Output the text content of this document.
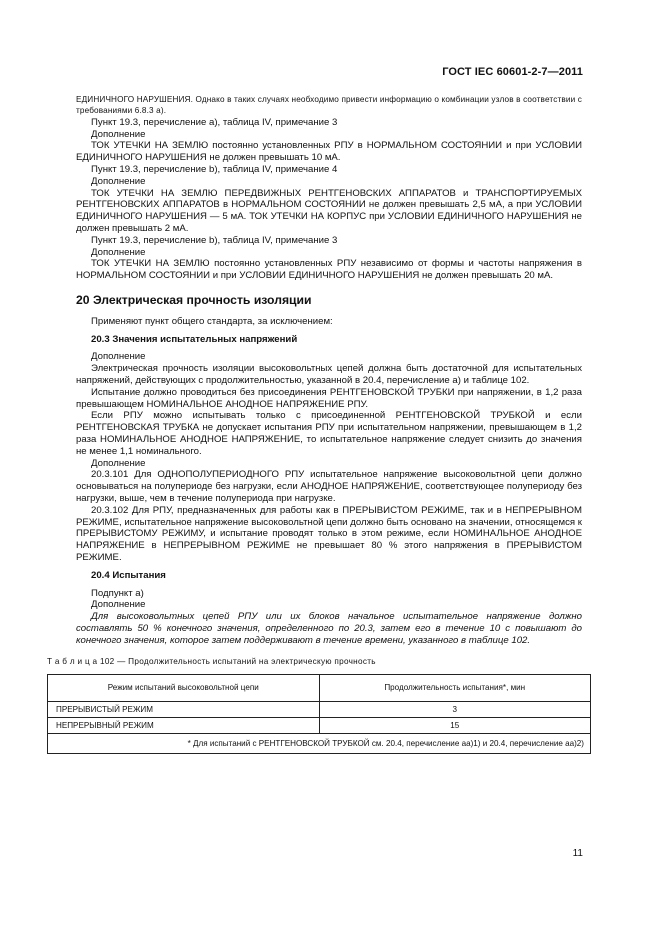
ГОСТ IEC 60601-2-7—2011

ЕДИНИЧНОГО НАРУШЕНИЯ. Однако в таких случаях необходимо привести информацию о комбинации узлов в соответствии с требованиями 6.8.3 а).

Пункт 19.3, перечисление а), таблица IV, примечание 3

Дополнение

ТОК УТЕЧКИ НА ЗЕМЛЮ постоянно установленных РПУ в НОРМАЛЬНОМ СОСТОЯНИИ и при УСЛОВИИ ЕДИНИЧНОГО НАРУШЕНИЯ не должен превышать 10 мА.

Пункт 19.3, перечисление b), таблица IV, примечание 4

Дополнение

ТОК УТЕЧКИ НА ЗЕМЛЮ ПЕРЕДВИЖНЫХ РЕНТГЕНОВСКИХ АППАРАТОВ и ТРАНСПОРТИРУЕМЫХ РЕНТГЕНОВСКИХ АППАРАТОВ в НОРМАЛЬНОМ СОСТОЯНИИ не должен превышать 2,5 мА, а при УСЛОВИИ ЕДИНИЧНОГО НАРУШЕНИЯ — 5 мА. ТОК УТЕЧКИ НА КОРПУС при УСЛОВИИ ЕДИНИЧНОГО НАРУШЕНИЯ не должен превышать 2 мА.

Пункт 19.3, перечисление b), таблица IV, примечание 3

Дополнение

ТОК УТЕЧКИ НА ЗЕМЛЮ постоянно установленных РПУ независимо от формы и частоты напряжения в НОРМАЛЬНОМ СОСТОЯНИИ и при УСЛОВИИ ЕДИНИЧНОГО НАРУШЕНИЯ не должен превышать 20 мА.

20 Электрическая прочность изоляции

Применяют пункт общего стандарта, за исключением:

20.3 Значения испытательных напряжений

Дополнение

Электрическая прочность изоляции высоковольтных цепей должна быть достаточной для испытательных напряжений, действующих с продолжительностью, указанной в 20.4, перечисление а) и таблице 102.

Испытание должно проводиться без присоединения РЕНТГЕНОВСКОЙ ТРУБКИ при напряжении, в 1,2 раза превышающем НОМИНАЛЬНОЕ АНОДНОЕ НАПРЯЖЕНИЕ РПУ.

Если РПУ можно испытывать только с присоединенной РЕНТГЕНОВСКОЙ ТРУБКОЙ и если РЕНТГЕНОВСКАЯ ТРУБКА не допускает испытания РПУ при испытательном напряжении, превышающем в 1,2 раза НОМИНАЛЬНОЕ АНОДНОЕ НАПРЯЖЕНИЕ, то испытательное напряжение следует снизить до значения не менее 1,1 номинального.

Дополнение

20.3.101 Для ОДНОПОЛУПЕРИОДНОГО РПУ испытательное напряжение высоковольтной цепи должно основываться на полупериоде без нагрузки, если АНОДНОЕ НАПРЯЖЕНИЕ, соответствующее полупериоду без нагрузки, выше, чем в течение полупериода при нагрузке.

20.3.102 Для РПУ, предназначенных для работы как в ПРЕРЫВИСТОМ РЕЖИМЕ, так и в НЕПРЕРЫВНОМ РЕЖИМЕ, испытательное напряжение высоковольтной цепи должно быть основано на значении, относящемся к ПРЕРЫВИСТОМУ РЕЖИМУ, и испытание проводят только в этом режиме, если НОМИНАЛЬНОЕ АНОДНОЕ НАПРЯЖЕНИЕ в НЕПРЕРЫВНОМ РЕЖИМЕ не превышает 80 % этого напряжения в ПРЕРЫВИСТОМ РЕЖИМЕ.

20.4 Испытания

Подпункт а)

Дополнение

Для высоковольтных цепей РПУ или их блоков начальное испытательное напряжение должно составлять 50 % конечного значения, определенного по 20.3, затем его в течение 10 с повышают до конечного значения, которое затем поддерживают в течение времени, указанного в таблице 102.

Т а б л и ц а 102 — Продолжительность испытаний на электрическую прочность
Режим испытаний высоковольтной цепи	Продолжительность испытания*, мин
ПРЕРЫВИСТЫЙ РЕЖИМ	3
НЕПРЕРЫВНЫЙ РЕЖИМ	15
* Для испытаний с РЕНТГЕНОВСКОЙ ТРУБКОЙ см. 20.4, перечисление аа)1) и 20.4, перечисление аа)2)	
11
